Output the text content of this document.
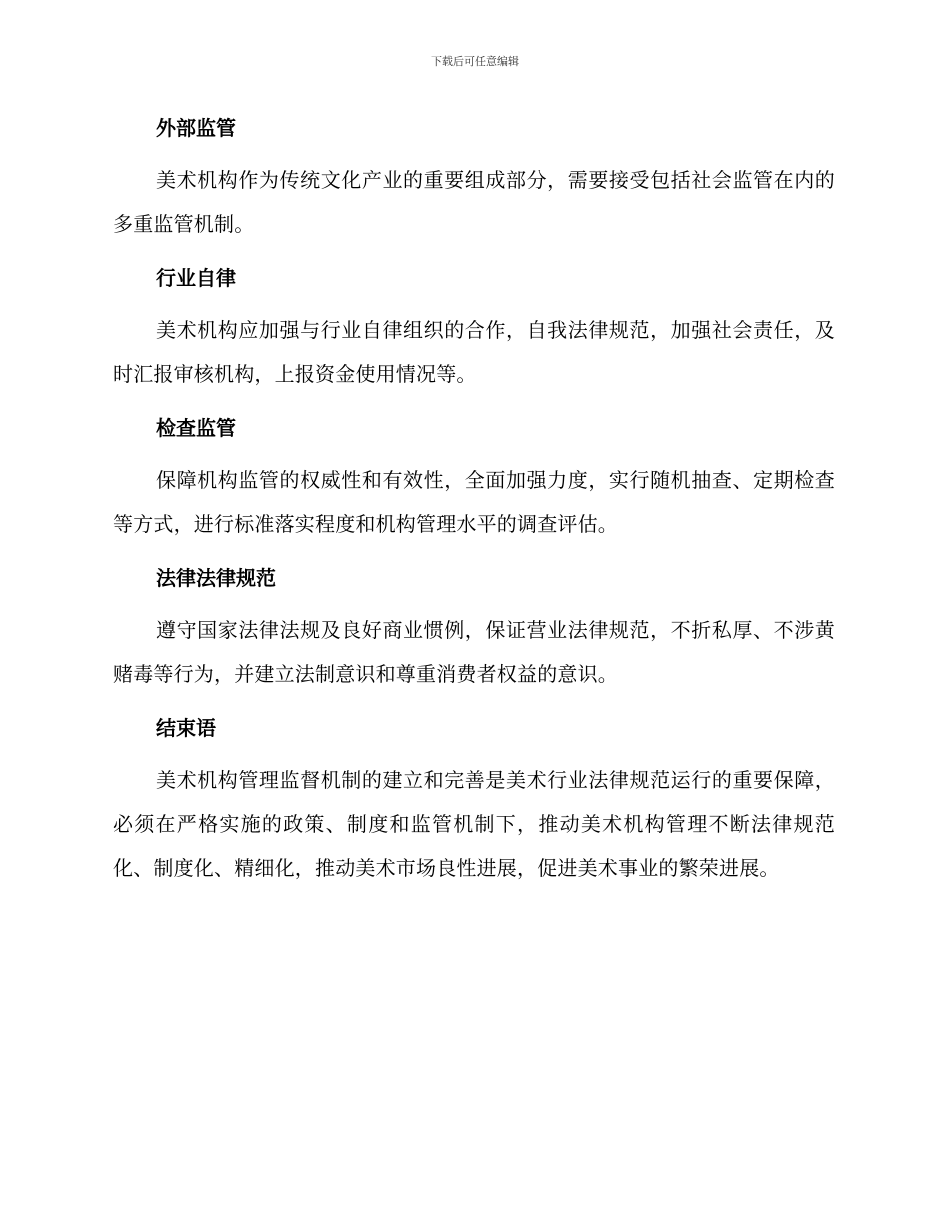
下载后可任意编辑
外部监管

美术机构作为传统文化产业的重要组成部分，需要接受包括社会监管在内的多重监管机制。

行业自律

美术机构应加强与行业自律组织的合作，自我法律规范，加强社会责任，及时汇报审核机构，上报资金使用情况等。

检查监管

保障机构监管的权威性和有效性，全面加强力度，实行随机抽查、定期检查等方式，进行标准落实程度和机构管理水平的调查评估。

法律法律规范

遵守国家法律法规及良好商业惯例，保证营业法律规范，不折私厚、不涉黄赌毒等行为，并建立法制意识和尊重消费者权益的意识。

结束语

美术机构管理监督机制的建立和完善是美术行业法律规范运行的重要保障，必须在严格实施的政策、制度和监管机制下，推动美术机构管理不断法律规范化、制度化、精细化，推动美术市场良性进展，促进美术事业的繁荣进展。
